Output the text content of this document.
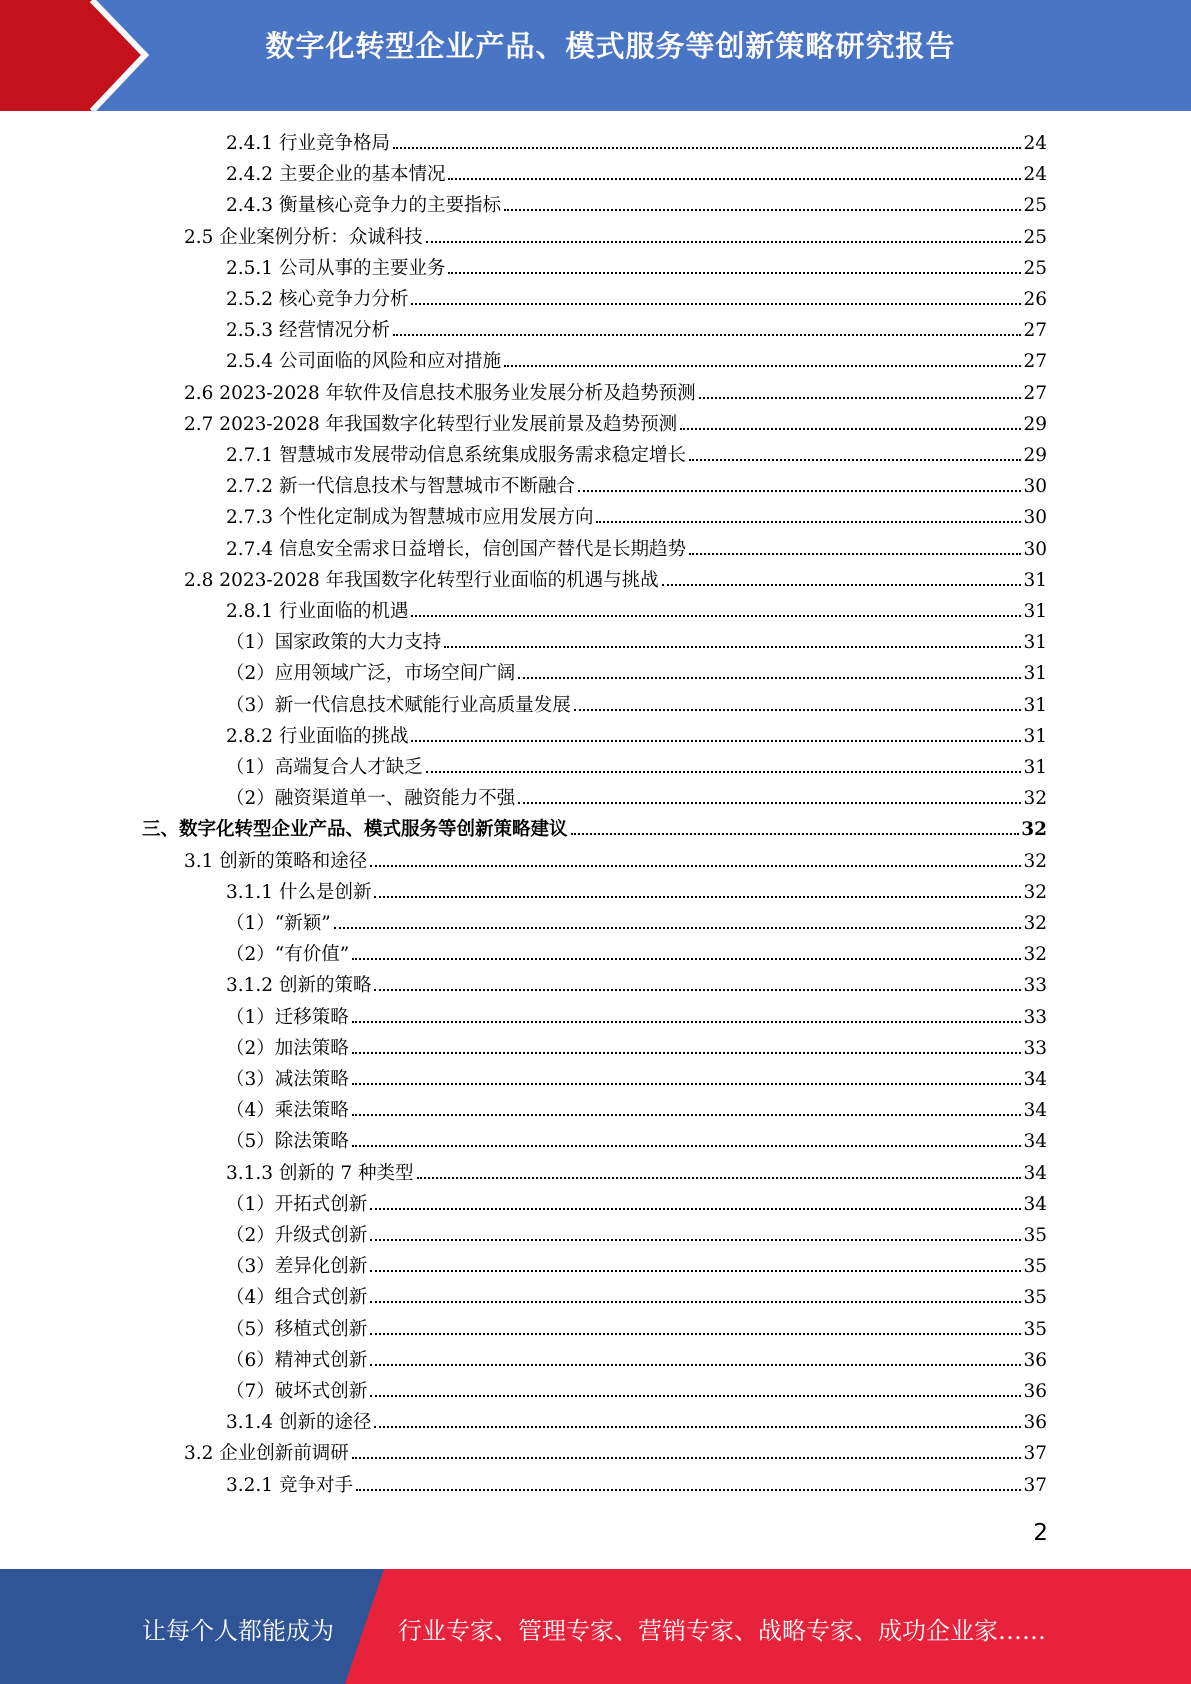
数字化转型企业产品、模式服务等创新策略研究报告
2.4.1 行业竞争格局	24
2.4.2 主要企业的基本情况	24
2.4.3 衡量核心竞争力的主要指标	25
2.5 企业案例分析：众诚科技	25
2.5.1 公司从事的主要业务	25
2.5.2 核心竞争力分析	26
2.5.3 经营情况分析	27
2.5.4 公司面临的风险和应对措施	27
2.6 2023-2028 年软件及信息技术服务业发展分析及趋势预测	27
2.7 2023-2028 年我国数字化转型行业发展前景及趋势预测	29
2.7.1 智慧城市发展带动信息系统集成服务需求稳定增长	29
2.7.2 新一代信息技术与智慧城市不断融合	30
2.7.3 个性化定制成为智慧城市应用发展方向	30
2.7.4 信息安全需求日益增长，信创国产替代是长期趋势	30
2.8 2023-2028 年我国数字化转型行业面临的机遇与挑战	31
2.8.1 行业面临的机遇	31
（1）国家政策的大力支持	31
（2）应用领域广泛，市场空间广阔	31
（3）新一代信息技术赋能行业高质量发展	31
2.8.2 行业面临的挑战	31
（1）高端复合人才缺乏	31
（2）融资渠道单一、融资能力不强	32
三、数字化转型企业产品、模式服务等创新策略建议	32
3.1 创新的策略和途径	32
3.1.1 什么是创新	32
（1）“新颖”	32
（2）“有价值”	32
3.1.2 创新的策略	33
（1）迁移策略	33
（2）加法策略	33
（3）减法策略	34
（4）乘法策略	34
（5）除法策略	34
3.1.3 创新的 7 种类型	34
（1）开拓式创新	34
（2）升级式创新	35
（3）差异化创新	35
（4）组合式创新	35
（5）移植式创新	35
（6）精神式创新	36
（7）破坏式创新	36
3.1.4 创新的途径	36
3.2 企业创新前调研	37
3.2.1 竞争对手	37
2
让每个人都能成为	行业专家、管理专家、营销专家、战略专家、成功企业家……
